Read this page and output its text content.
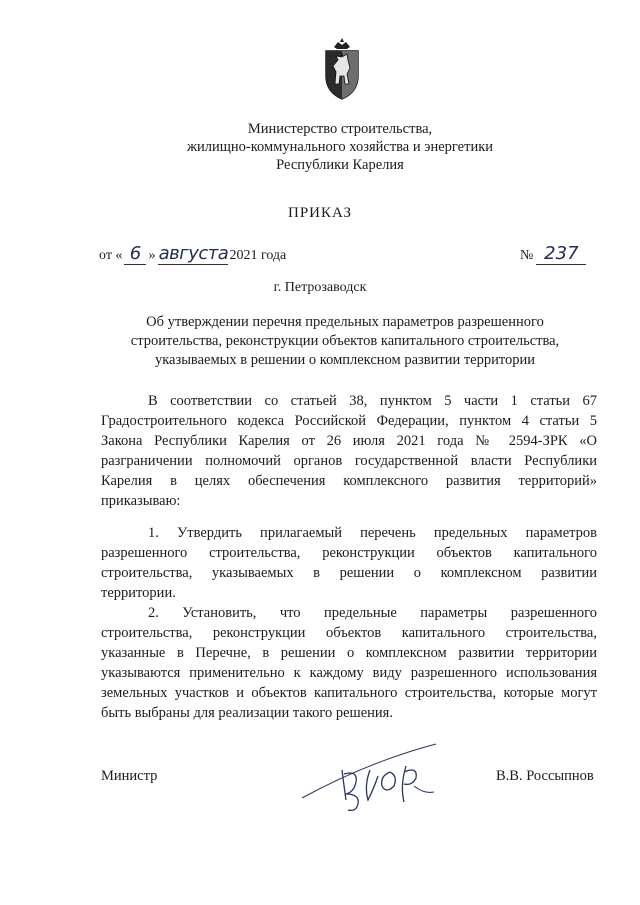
Министерство строительства,
жилищно-коммунального хозяйства и энергетики
Республики Карелия
ПРИКАЗ
от « 6 » августа2021 года	№ 237
г. Петрозаводск
Об утверждении перечня предельных параметров разрешенного
строительства, реконструкции объектов капитального строительства,
указываемых в решении о комплексном развитии территории
В соответствии со статьей 38, пунктом 5 части 1 статьи 67
Градостроительного кодекса Российской Федерации, пунктом 4 статьи 5
Закона Республики Карелия от 26 июля 2021 года № 2594-ЗРК «О
разграничении полномочий органов государственной власти Республики
Карелия в целях обеспечения комплексного развития территорий»
приказываю:
1. Утвердить прилагаемый перечень предельных параметров
разрешенного строительства, реконструкции объектов капитального
строительства, указываемых в решении о комплексном развитии
территории.
2. Установить, что предельные параметры разрешенного
строительства, реконструкции объектов капитального строительства,
указанные в Перечне, в решении о комплексном развитии территории
указываются применительно к каждому виду разрешенного использования
земельных участков и объектов капитального строительства, которые могут
быть выбраны для реализации такого решения.
Министр	В.В. Россыпнов
